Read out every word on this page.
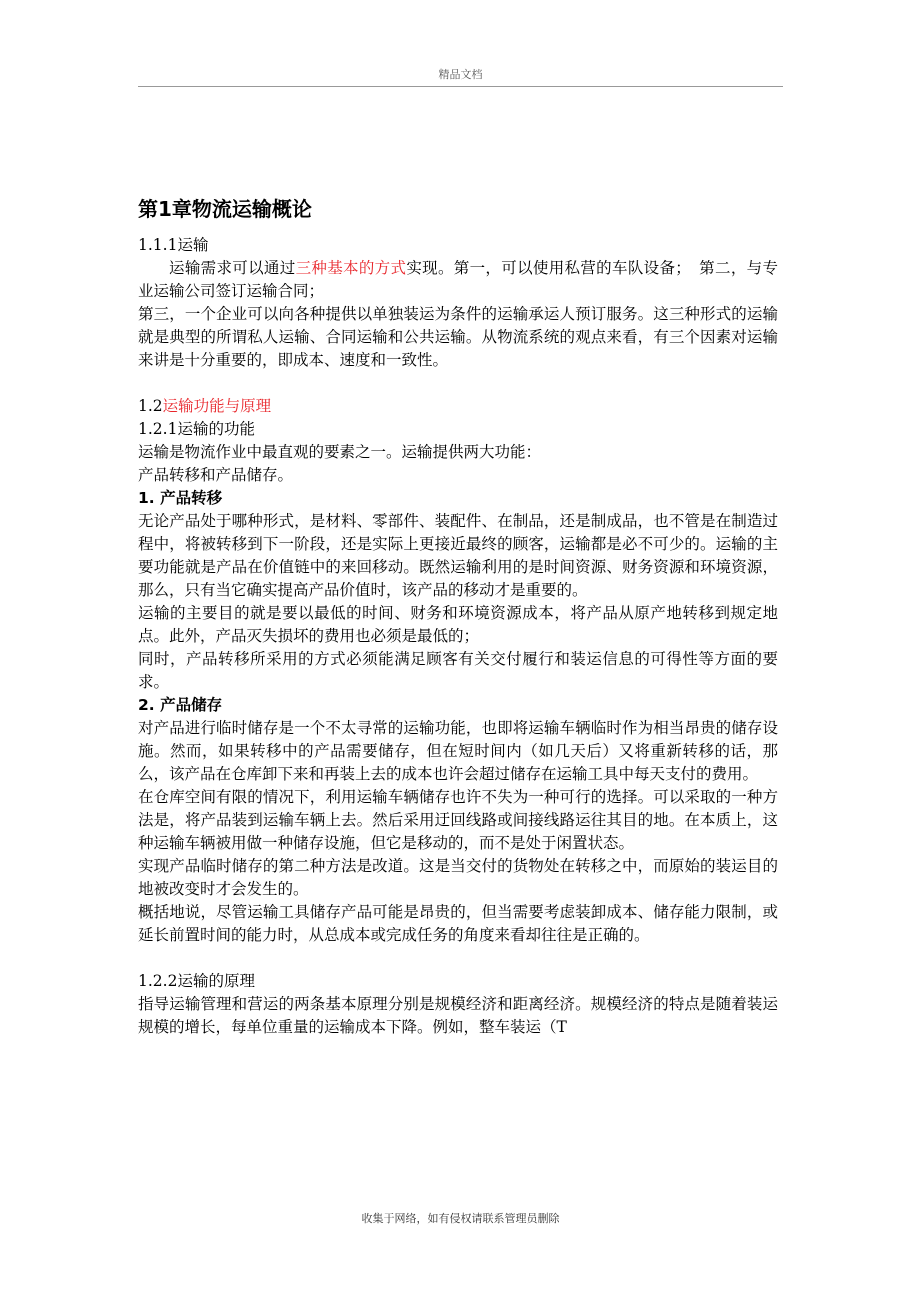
精品文档
第1章物流运输概论

1.1.1运输

运输需求可以通过三种基本的方式实现。第一，可以使用私营的车队设备；　第二，与专业运输公司签订运输合同；

第三，一个企业可以向各种提供以单独装运为条件的运输承运人预订服务。这三种形式的运输就是典型的所谓私人运输、合同运输和公共运输。从物流系统的观点来看，有三个因素对运输来讲是十分重要的，即成本、速度和一致性。

1.2运输功能与原理

1.2.1运输的功能

运输是物流作业中最直观的要素之一。运输提供两大功能：

产品转移和产品储存。

1. 产品转移

无论产品处于哪种形式，是材料、零部件、装配件、在制品，还是制成品，也不管是在制造过程中，将被转移到下一阶段，还是实际上更接近最终的顾客，运输都是必不可少的。运输的主要功能就是产品在价值链中的来回移动。既然运输利用的是时间资源、财务资源和环境资源，那么，只有当它确实提高产品价值时，该产品的移动才是重要的。

运输的主要目的就是要以最低的时间、财务和环境资源成本，将产品从原产地转移到规定地点。此外，产品灭失损坏的费用也必须是最低的；

同时，产品转移所采用的方式必须能满足顾客有关交付履行和装运信息的可得性等方面的要求。

2. 产品储存

对产品进行临时储存是一个不太寻常的运输功能，也即将运输车辆临时作为相当昂贵的储存设施。然而，如果转移中的产品需要储存，但在短时间内（如几天后）又将重新转移的话，那么，该产品在仓库卸下来和再装上去的成本也许会超过储存在运输工具中每天支付的费用。

在仓库空间有限的情况下，利用运输车辆储存也许不失为一种可行的选择。可以采取的一种方法是，将产品装到运输车辆上去。然后采用迂回线路或间接线路运往其目的地。在本质上，这种运输车辆被用做一种储存设施，但它是移动的，而不是处于闲置状态。

实现产品临时储存的第二种方法是改道。这是当交付的货物处在转移之中，而原始的装运目的地被改变时才会发生的。

概括地说，尽管运输工具储存产品可能是昂贵的，但当需要考虑装卸成本、储存能力限制，或延长前置时间的能力时，从总成本或完成任务的角度来看却往往是正确的。

1.2.2运输的原理

指导运输管理和营运的两条基本原理分别是规模经济和距离经济。规模经济的特点是随着装运规模的增长，每单位重量的运输成本下降。例如，整车装运（T

收集于网络，如有侵权请联系管理员删除
